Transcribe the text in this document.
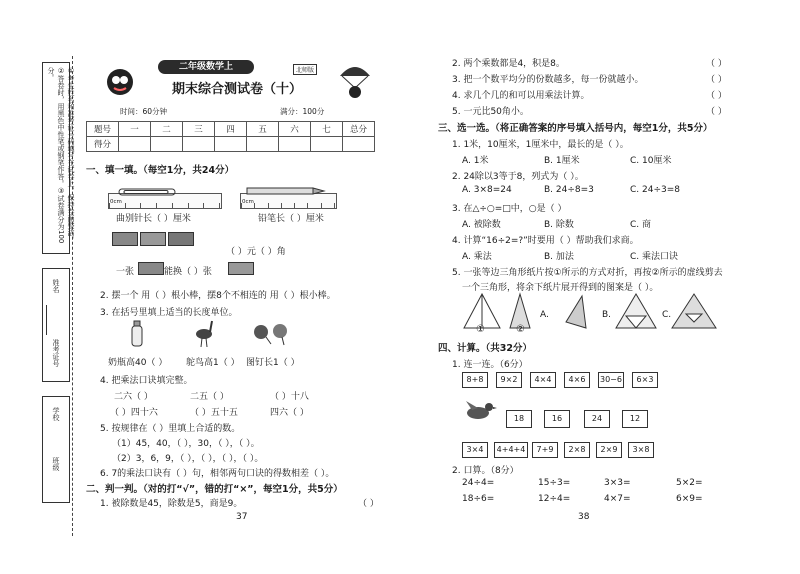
①考生姓名和准考证号码填写在试卷上，保持卷面整洁。②答卷时，用黑色中性笔或钢笔作答。③试卷满分为100分。
姓名
准考证号
学校
班级
二年级数学上
期末综合测试卷（十）
北师版
时间：60分钟	满分：100分
题号	一	二	三	四	五	六	七	总分
得分								
一、填一填。（每空1分，共24分）
0cm
曲别针长（ ）厘米
0cm
铅笔长（ ）厘米
（ ）元（ ）角
一张	能换（ ）张
2. 摆一个 用（ ）根小棒，摆8个不相连的 用（ ）根小棒。
3. 在括号里填上适当的长度单位。
奶瓶高40（ ） 鸵鸟高1（ ） 图钉长1（ ）
4. 把乘法口诀填完整。
二六（ ）	二五（ ）	（ ）十八
（ ）四十六	（ ）五十五	四六（ ）
5. 按规律在（ ）里填上合适的数。
（1）45，40，（ ），30，（ ），（ ）。
（2）3，6，9，（ ），（ ），（ ），（ ）。
6. 7的乘法口诀有（ ）句，相邻两句口诀的得数相差（ ）。
二、判一判。（对的打“√”，错的打“×”，每空1分，共5分）
1. 被除数是45，除数是5，商是9。	（ ）
37
2. 两个乘数都是4，积是8。	（ ）
3. 把一个数平均分的份数越多，每一份就越小。	（ ）
4. 求几个几的和可以用乘法计算。	（ ）
5. 一元比50角小。	（ ）
三、选一选。（将正确答案的序号填入括号内，每空1分，共5分）
1. 1米，10厘米，1厘米中，最长的是（ ）。
A. 1米	B. 1厘米	C. 10厘米
2. 24除以3等于8，列式为（ ）。
A. 3×8=24	B. 24÷8=3	C. 24÷3=8
3. 在△÷○=□中，○是（ ）
A. 被除数	B. 除数	C. 商
4. 计算“16÷2=?”时要用（ ）帮助我们求商。
A. 乘法	B. 加法	C. 乘法口诀
5. 一张等边三角形纸片按①所示的方式对折，再按②所示的虚线剪去
一个三角形，将余下纸片展开得到的图案是（ ）。
①	②
A.	B.	C.
四、计算。（共32分）
1. 连一连。（6分）
8+8	9×2	4×4	4×6	30−6	6×3
18	16	24	12
3×4	4+4+4	7+9	2×8	2×9	3×8
2. 口算。（8分）
24÷4=	15÷3=	3×3=	5×2=
18÷6=	12÷4=	4×7=	6×9=
38
